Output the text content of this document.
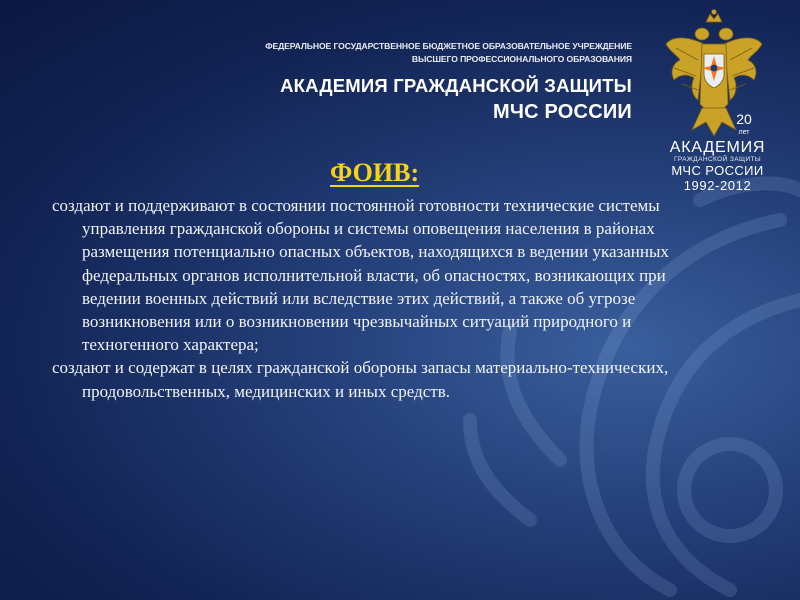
ФЕДЕРАЛЬНОЕ ГОСУДАРСТВЕННОЕ БЮДЖЕТНОЕ ОБРАЗОВАТЕЛЬНОЕ УЧРЕЖДЕНИЕ
ВЫСШЕГО ПРОФЕССИОНАЛЬНОГО ОБРАЗОВАНИЯ
АКАДЕМИЯ ГРАЖДАНСКОЙ ЗАЩИТЫ
МЧС РОССИИ	20
лет
АКАДЕМИЯ
ГРАЖДАНСКОЙ ЗАЩИТЫ
МЧС РОССИИ
1992-2012
ФОИВ:

создают и поддерживают в состоянии постоянной готовности технические системы управления гражданской обороны и системы оповещения населения в районах размещения потенциально опасных объектов, находящихся в ведении указанных федеральных органов исполнительной власти, об опасностях, возникающих при ведении военных действий или вследствие этих действий, а также об угрозе возникновения или о возникновении чрезвычайных ситуаций природного и техногенного характера;

создают и содержат в целях гражданской обороны запасы материально-технических, продовольственных, медицинских и иных средств.
